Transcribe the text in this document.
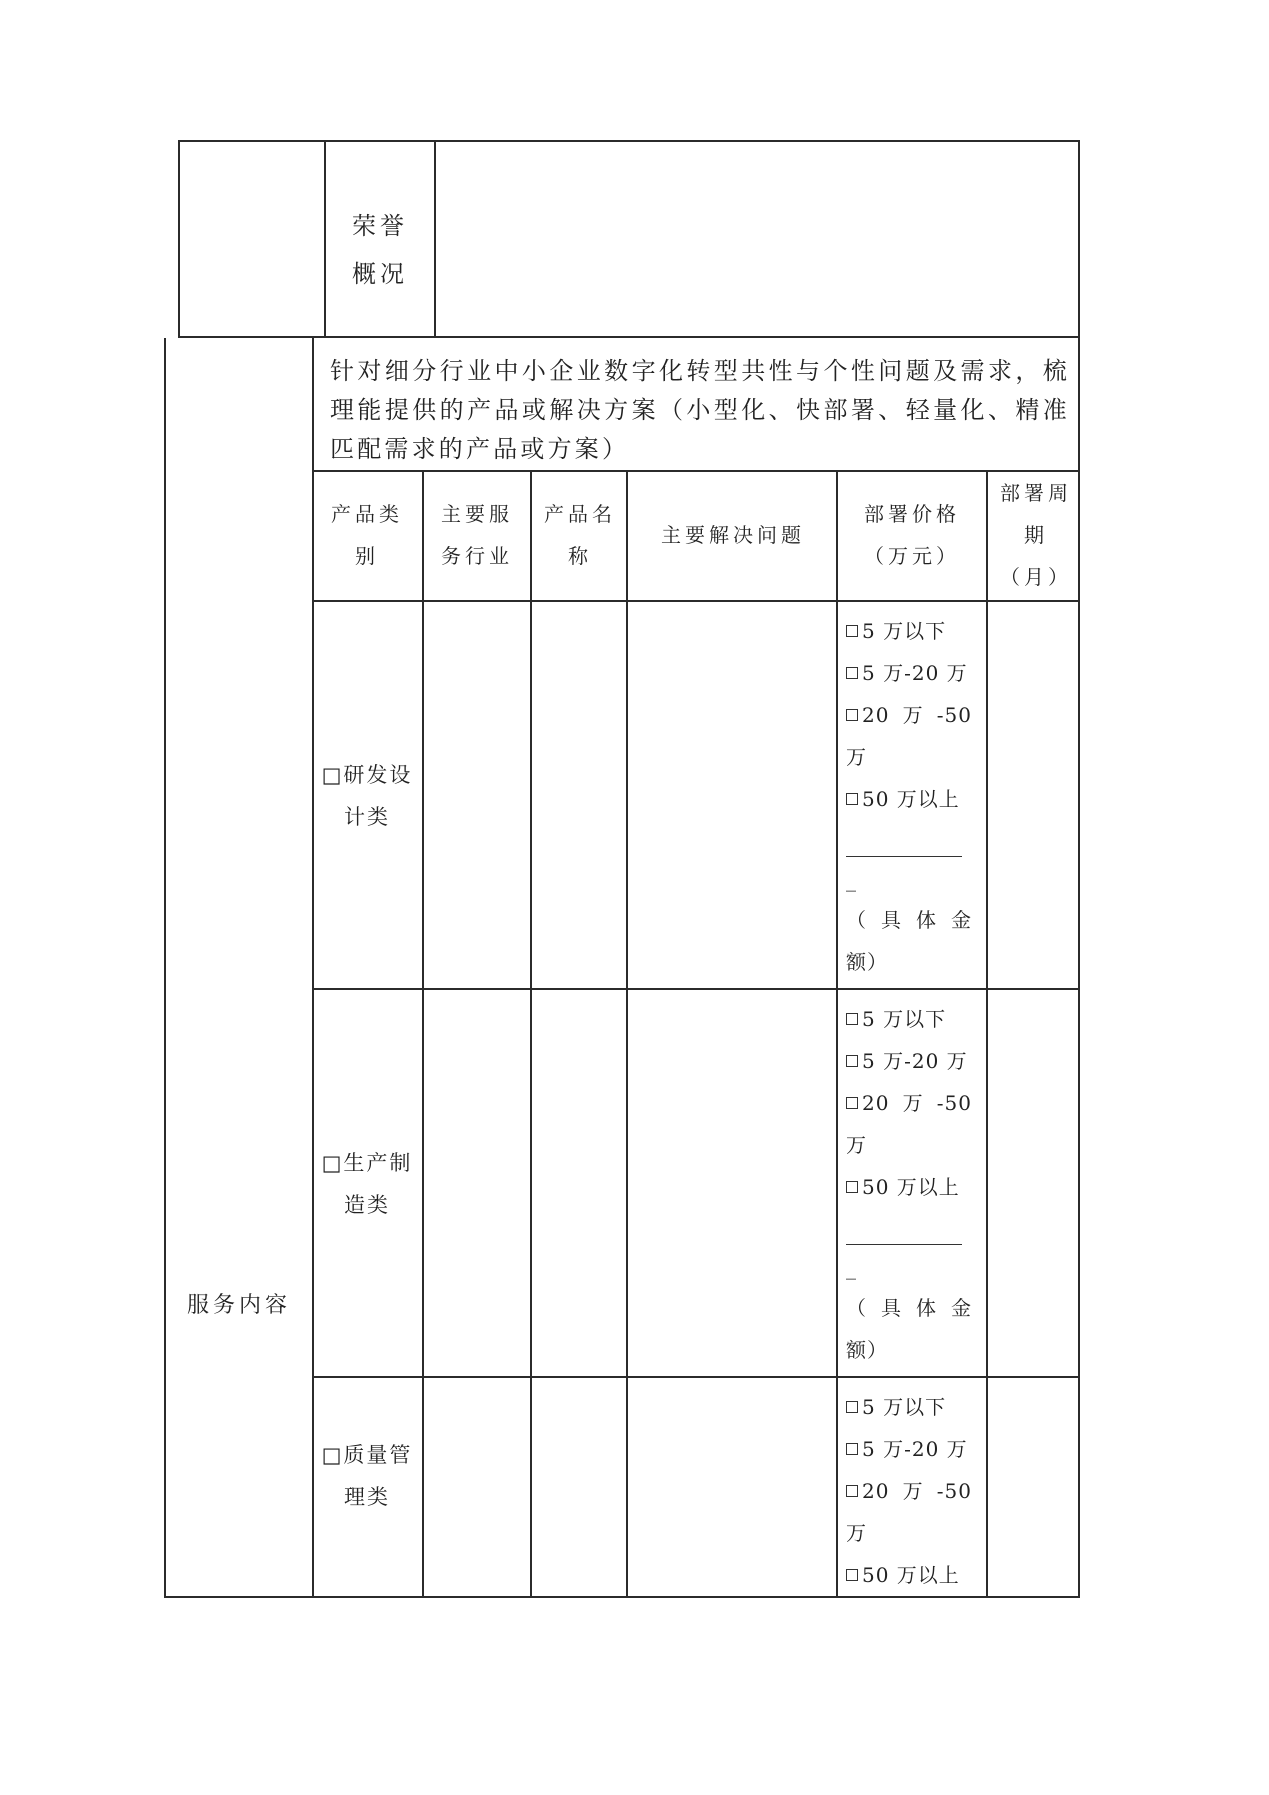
荣誉
概况
服务内容
针对细分行业中小企业数字化转型共性与个性问题及需求，梳理能提供的产品或解决方案（小型化、快部署、轻量化、精准匹配需求的产品或方案）
产品类别
主要服务行业
产品名称
主要解决问题
部署价格（万元）
部署周期（月）
□研发设计类
5 万以下
5 万-20 万
20 万 -50
万
50 万以上
_
（ 具 体 金
额）
□生产制造类
5 万以下
5 万-20 万
20 万 -50
万
50 万以上
_
（ 具 体 金
额）
□质量管理类
5 万以下
5 万-20 万
20 万 -50
万
50 万以上
